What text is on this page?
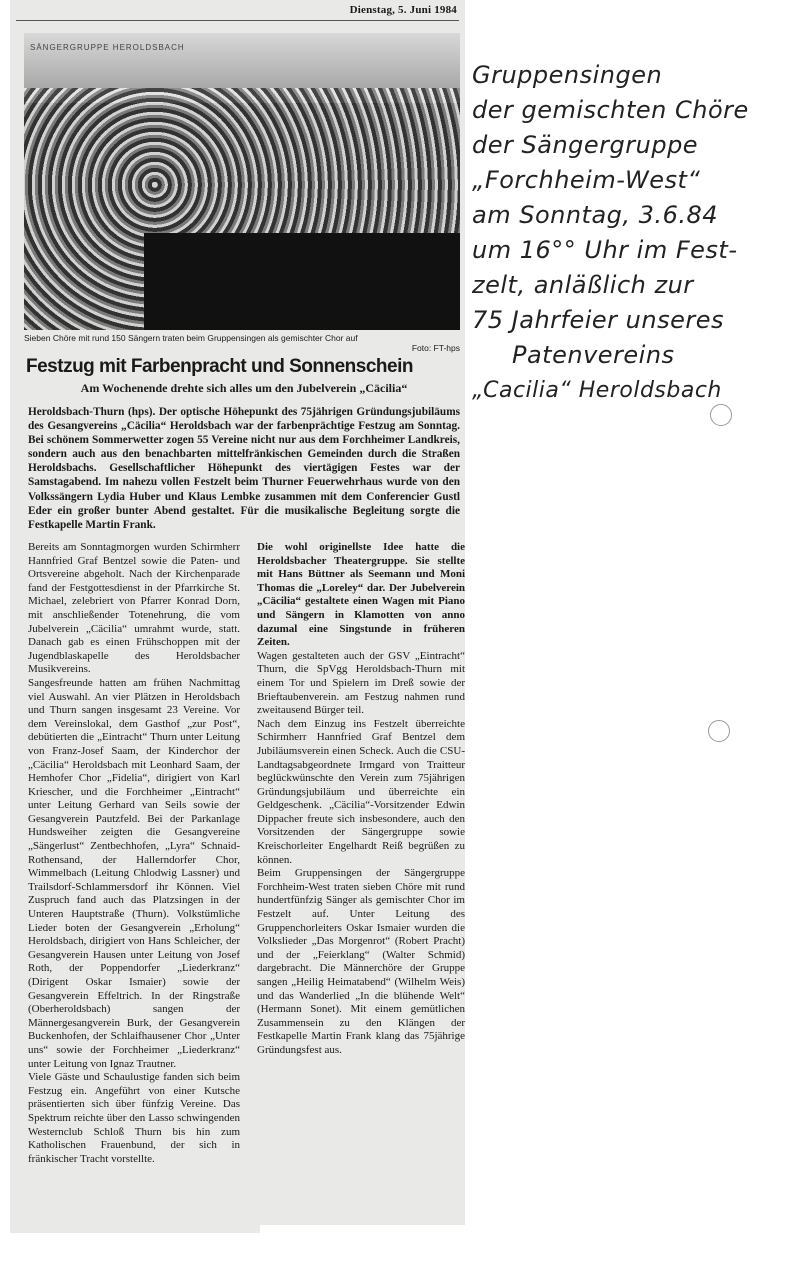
Dienstag, 5. Juni 1984
SÄNGERGRUPPE HEROLDSBACH
Sieben Chöre mit rund 150 Sängern traten beim Gruppensingen als gemischter Chor auf
Foto: FT-hps
Festzug mit Farbenpracht und Sonnenschein
Am Wochenende drehte sich alles um den Jubelverein „Cäcilia“
Heroldsbach-Thurn (hps). Der optische Höhepunkt des 75jährigen Gründungsjubiläums des Gesangvereins „Cäcilia“ Heroldsbach war der farbenprächtige Festzug am Sonntag. Bei schönem Sommerwetter zogen 55 Vereine nicht nur aus dem Forchheimer Landkreis, sondern auch aus den benachbarten mittelfränkischen Gemeinden durch die Straßen Heroldsbachs. Gesellschaftlicher Höhepunkt des viertägigen Festes war der Samstagabend. Im nahezu vollen Festzelt beim Thurner Feuerwehrhaus wurde von den Volkssängern Lydia Huber und Klaus Lembke zusammen mit dem Conferencier Gustl Eder ein großer bunter Abend gestaltet. Für die musikalische Begleitung sorgte die Festkapelle Martin Frank.

Bereits am Sonntagmorgen wurden Schirmherr Hannfried Graf Bentzel sowie die Paten- und Ortsvereine abgeholt. Nach der Kirchenparade fand der Festgottesdienst in der Pfarrkirche St. Michael, zelebriert von Pfarrer Konrad Dorn, mit anschließender Totenehrung, die vom Jubelverein „Cäcilia“ umrahmt wurde, statt. Danach gab es einen Frühschoppen mit der Jugendblaskapelle des Heroldsbacher Musikvereins.

Sangesfreunde hatten am frühen Nachmittag viel Auswahl. An vier Plätzen in Heroldsbach und Thurn sangen insgesamt 23 Vereine. Vor dem Vereinslokal, dem Gasthof „zur Post“, debütierten die „Eintracht“ Thurn unter Leitung von Franz-Josef Saam, der Kinderchor der „Cäcilia“ Heroldsbach mit Leonhard Saam, der Hemhofer Chor „Fidelia“, dirigiert von Karl Kriescher, und die Forchheimer „Eintracht“ unter Leitung Gerhard van Seils sowie der Gesangverein Pautzfeld. Bei der Parkanlage Hundsweiher zeigten die Gesangvereine „Sängerlust“ Zentbechhofen, „Lyra“ Schnaid-Rothensand, der Hallerndorfer Chor, Wimmelbach (Leitung Chlodwig Lassner) und Trailsdorf-Schlammersdorf ihr Können. Viel Zuspruch fand auch das Platzsingen in der Unteren Hauptstraße (Thurn). Volkstümliche Lieder boten der Gesangverein „Erholung“ Heroldsbach, dirigiert von Hans Schleicher, der Gesangverein Hausen unter Leitung von Josef Roth, der Poppendorfer „Liederkranz“ (Dirigent Oskar Ismaier) sowie der Gesangverein Effeltrich. In der Ringstraße (Oberheroldsbach) sangen der Männergesangverein Burk, der Gesangverein Buckenhofen, der Schlaifhausener Chor „Unter uns“ sowie der Forchheimer „Liederkranz“ unter Leitung von Ignaz Trautner.

Viele Gäste und Schaulustige fanden sich beim Festzug ein. Angeführt von einer Kutsche präsentierten sich über fünfzig Vereine. Das Spektrum reichte über den Lasso schwingenden Westernclub Schloß Thurn bis hin zum Katholischen Frauenbund, der sich in fränkischer Tracht vorstellte.

Die wohl originellste Idee hatte die Heroldsbacher Theatergruppe. Sie stellte mit Hans Büttner als Seemann und Moni Thomas die „Loreley“ dar. Der Jubelverein „Cäcilia“ gestaltete einen Wagen mit Piano und Sängern in Klamotten von anno dazumal eine Singstunde in früheren Zeiten.

Wagen gestalteten auch der GSV „Eintracht“ Thurn, die SpVgg Heroldsbach-Thurn mit einem Tor und Spielern im Dreß sowie der Brieftaubenverein. am Festzug nahmen rund zweitausend Bürger teil.

Nach dem Einzug ins Festzelt überreichte Schirmherr Hannfried Graf Bentzel dem Jubiläumsverein einen Scheck. Auch die CSU-Landtagsabgeordnete Irmgard von Traitteur beglückwünschte den Verein zum 75jährigen Gründungsjubiläum und überreichte ein Geldgeschenk. „Cäcilia“-Vorsitzender Edwin Dippacher freute sich insbesondere, auch den Vorsitzenden der Sängergruppe sowie Kreischorleiter Engelhardt Reiß begrüßen zu können.

Beim Gruppensingen der Sängergruppe Forchheim-West traten sieben Chöre mit rund hundertfünfzig Sänger als gemischter Chor im Festzelt auf. Unter Leitung des Gruppenchorleiters Oskar Ismaier wurden die Volkslieder „Das Morgenrot“ (Robert Pracht) und der „Feierklang“ (Walter Schmid) dargebracht. Die Männerchöre der Gruppe sangen „Heilig Heimatabend“ (Wilhelm Weis) und das Wanderlied „In die blühende Welt“ (Hermann Sonet). Mit einem gemütlichen Zusammensein zu den Klängen der Festkapelle Martin Frank klang das 75jährige Gründungsfest aus.

Gruppensingen
der gemischten Chöre
der Sängergruppe
„Forchheim-West“
am Sonntag, 3.6.84
um 16°° Uhr im Fest-
zelt, anläßlich zur
75 Jahrfeier unseres
Patenvereins
„Cacilia“ Heroldsbach
